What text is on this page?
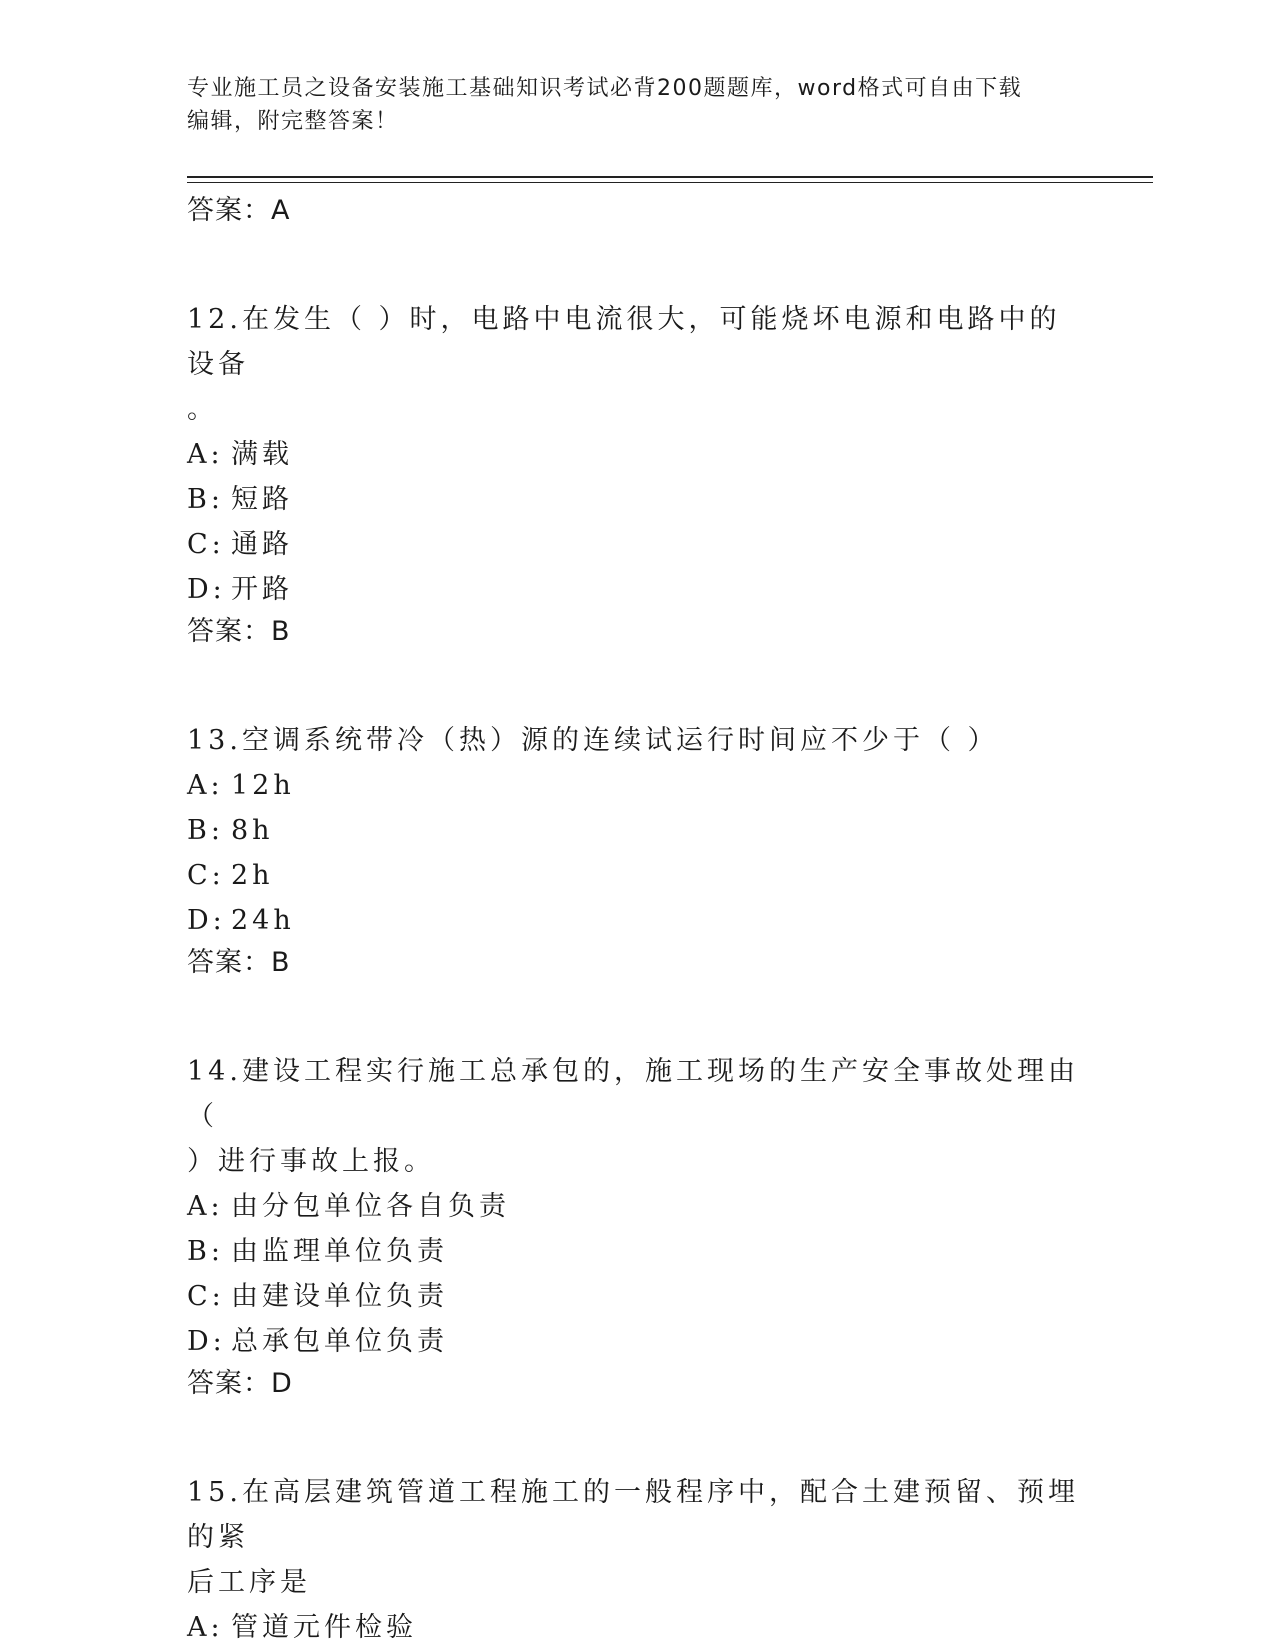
专业施工员之设备安装施工基础知识考试必背200题题库，word格式可自由下载
编辑，附完整答案！

答案：A

12.在发生（ ）时，电路中电流很大，可能烧坏电源和电路中的设备

。

A: 满载

B: 短路

C: 通路

D: 开路

答案：B

13.空调系统带冷（热）源的连续试运行时间应不少于（ ）

A: 12h

B: 8h

C: 2h

D: 24h

答案：B

14.建设工程实行施工总承包的，施工现场的生产安全事故处理由（

）进行事故上报。

A: 由分包单位各自负责

B: 由监理单位负责

C: 由建设单位负责

D: 总承包单位负责

答案：D

15.在高层建筑管道工程施工的一般程序中，配合土建预留、预埋的紧

后工序是

A: 管道元件检验
